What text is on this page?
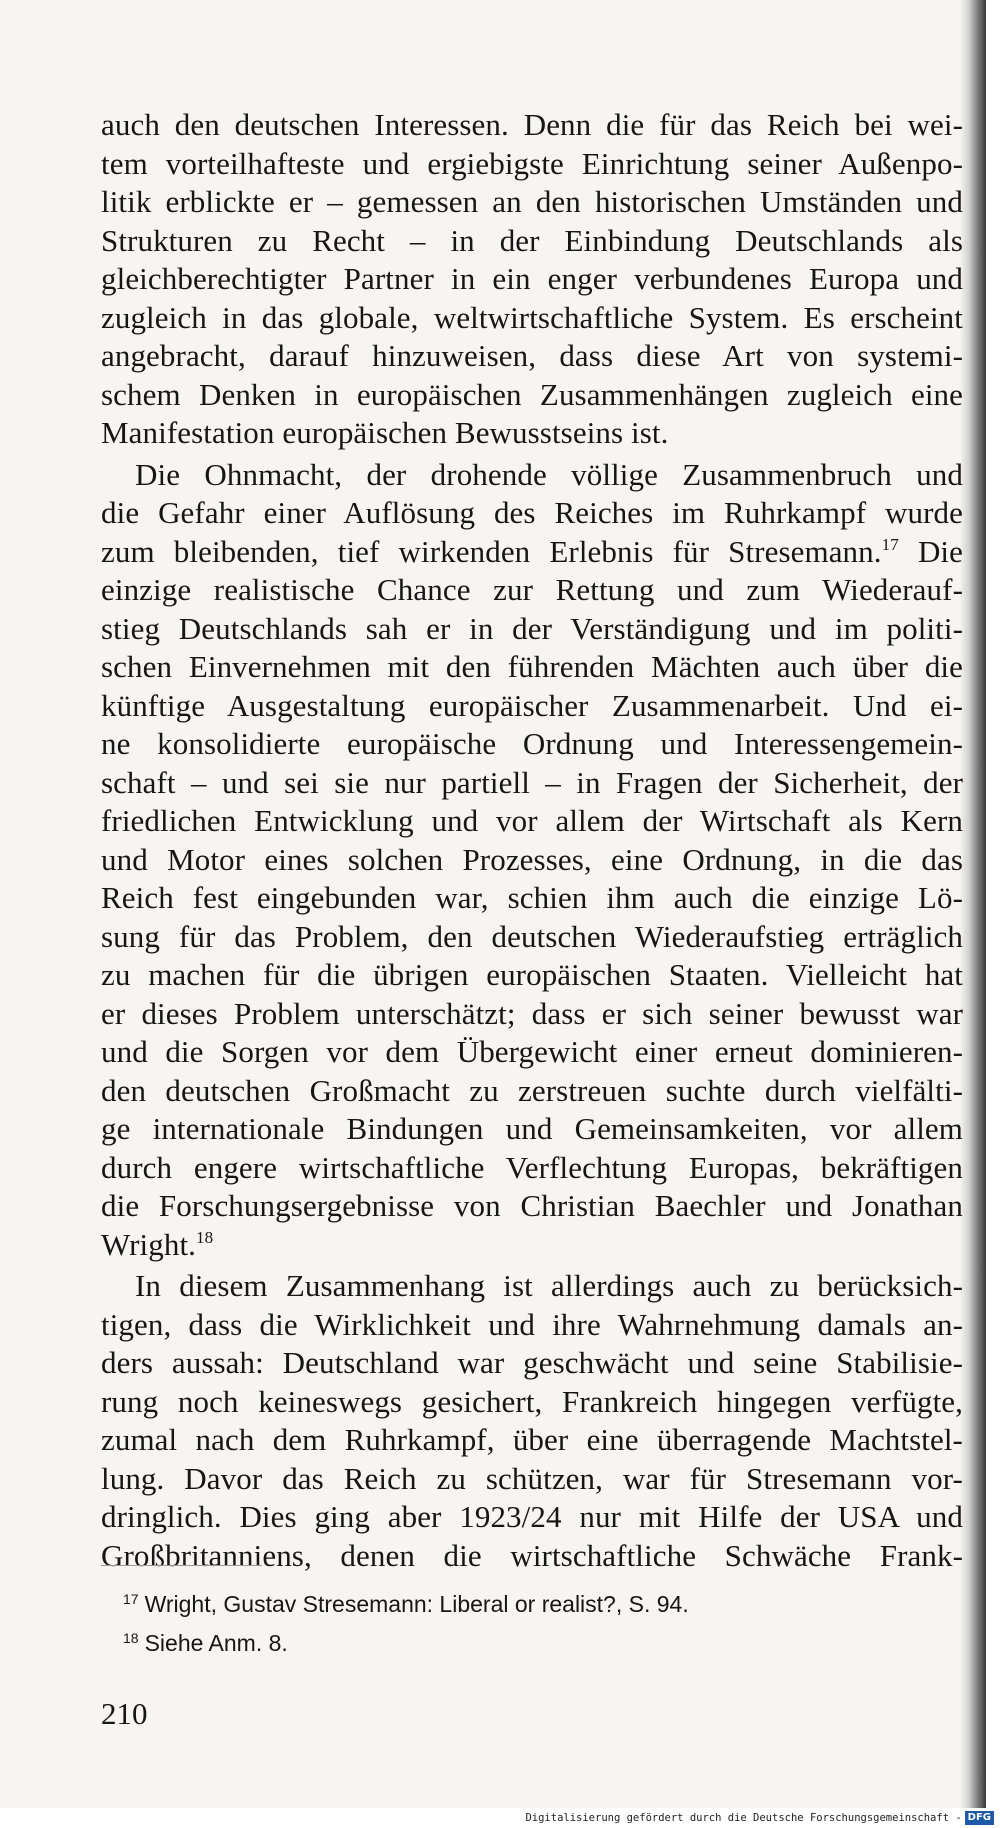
auch den deutschen Interessen. Denn die für das Reich bei wei-
tem vorteilhafteste und ergiebigste Einrichtung seiner Außenpo-
litik erblickte er – gemessen an den historischen Umständen und
Strukturen zu Recht – in der Einbindung Deutschlands als
gleichberechtigter Partner in ein enger verbundenes Europa und
zugleich in das globale, weltwirtschaftliche System. Es erscheint
angebracht, darauf hinzuweisen, dass diese Art von systemi-
schem Denken in europäischen Zusammenhängen zugleich eine
Manifestation europäischen Bewusstseins ist.
Die Ohnmacht, der drohende völlige Zusammenbruch und
die Gefahr einer Auflösung des Reiches im Ruhrkampf wurde
zum bleibenden, tief wirkenden Erlebnis für Stresemann.$^{17}$ Die
einzige realistische Chance zur Rettung und zum Wiederauf-
stieg Deutschlands sah er in der Verständigung und im politi-
schen Einvernehmen mit den führenden Mächten auch über die
künftige Ausgestaltung europäischer Zusammenarbeit. Und ei-
ne konsolidierte europäische Ordnung und Interessengemein-
schaft – und sei sie nur partiell – in Fragen der Sicherheit, der
friedlichen Entwicklung und vor allem der Wirtschaft als Kern
und Motor eines solchen Prozesses, eine Ordnung, in die das
Reich fest eingebunden war, schien ihm auch die einzige Lö-
sung für das Problem, den deutschen Wiederaufstieg erträglich
zu machen für die übrigen europäischen Staaten. Vielleicht hat
er dieses Problem unterschätzt; dass er sich seiner bewusst war
und die Sorgen vor dem Übergewicht einer erneut dominieren-
den deutschen Großmacht zu zerstreuen suchte durch vielfälti-
ge internationale Bindungen und Gemeinsamkeiten, vor allem
durch engere wirtschaftliche Verflechtung Europas, bekräftigen
die Forschungsergebnisse von Christian Baechler und Jonathan
Wright.$^{18}$
In diesem Zusammenhang ist allerdings auch zu berücksich-
tigen, dass die Wirklichkeit und ihre Wahrnehmung damals an-
ders aussah: Deutschland war geschwächt und seine Stabilisie-
rung noch keineswegs gesichert, Frankreich hingegen verfügte,
zumal nach dem Ruhrkampf, über eine überragende Machtstel-
lung. Davor das Reich zu schützen, war für Stresemann vor-
dringlich. Dies ging aber 1923/24 nur mit Hilfe der USA und
Großbritanniens, denen die wirtschaftliche Schwäche Frank-
$^{17}$ Wright, Gustav Stresemann: Liberal or realist?, S. 94.
$^{18}$ Siehe Anm. 8.
210
Digitalisierung gefördert durch die Deutsche Forschungsgemeinschaft - DFG
